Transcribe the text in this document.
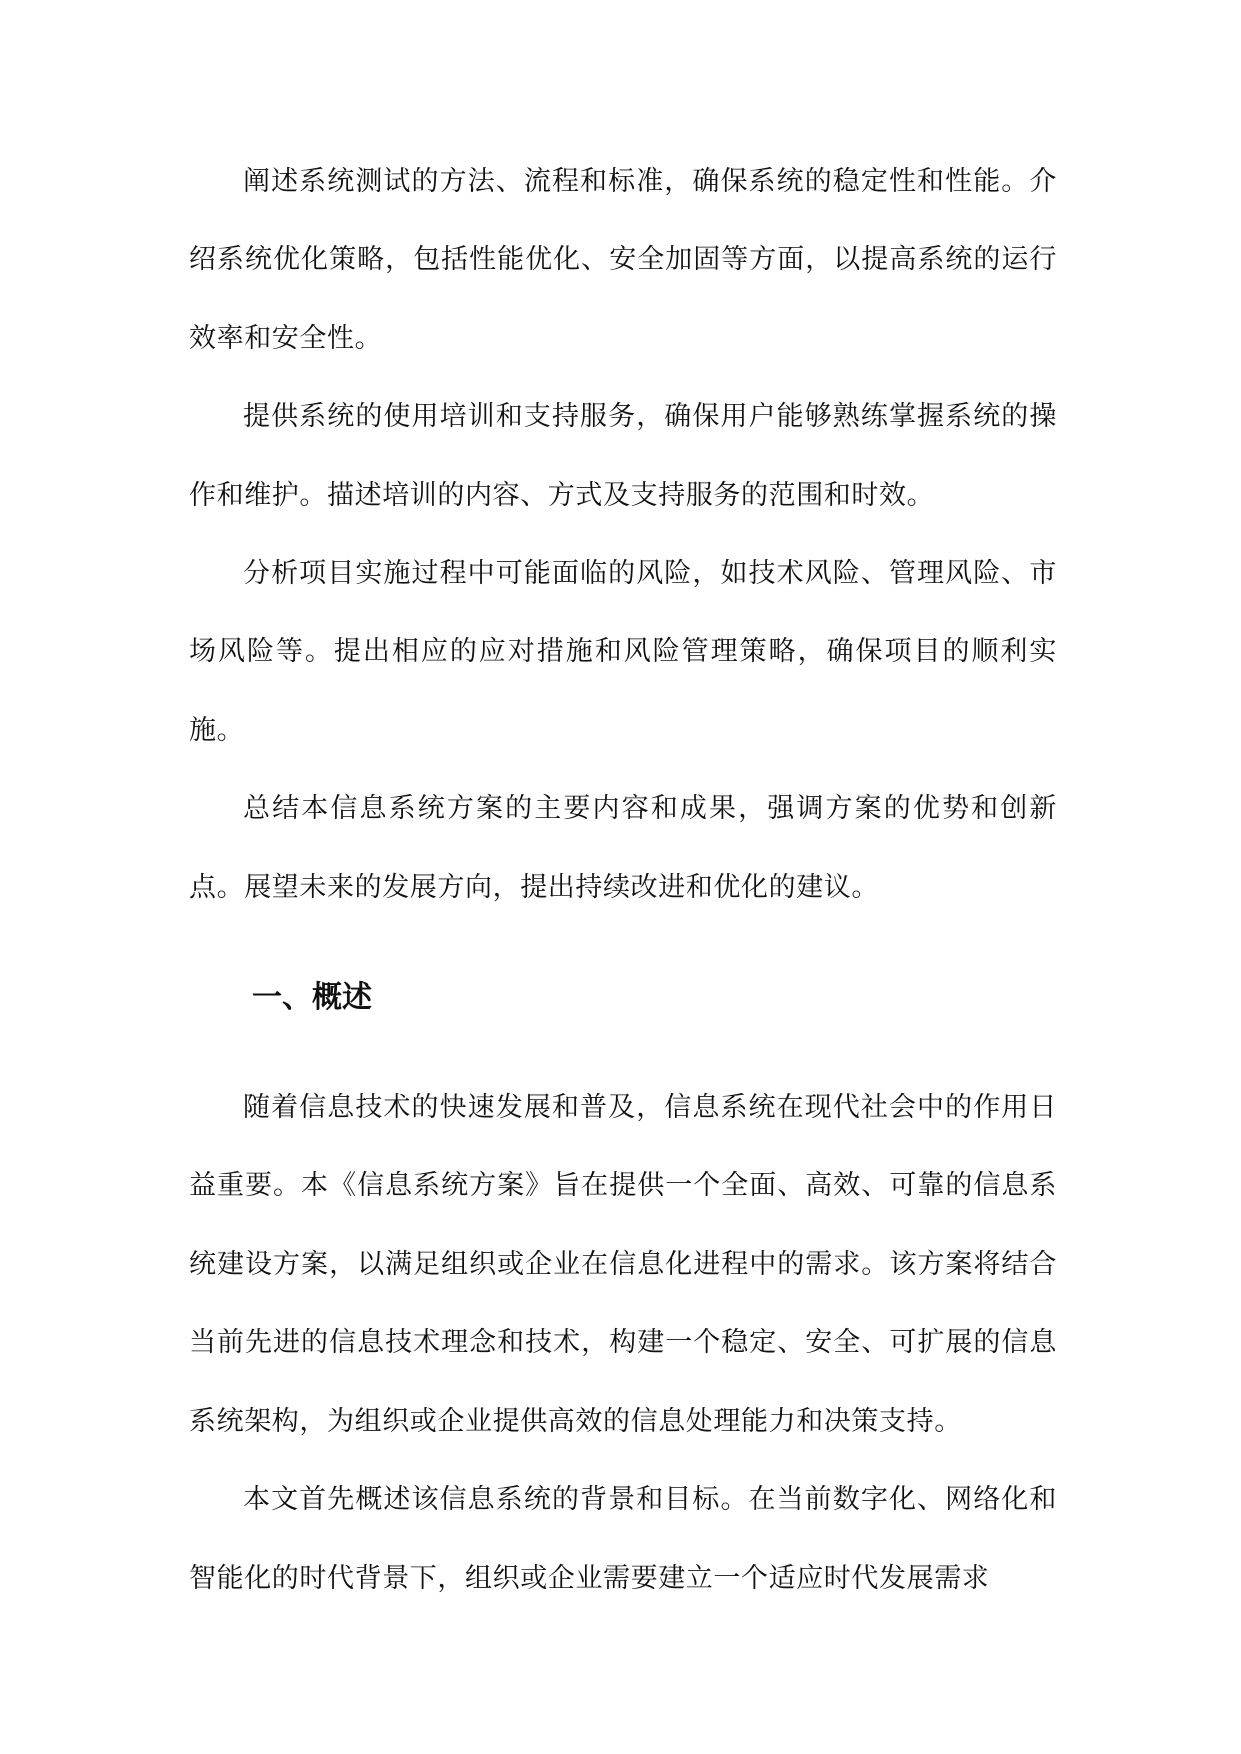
阐述系统测试的方法、流程和标准，确保系统的稳定性和性能。介绍系统优化策略，包括性能优化、安全加固等方面，以提高系统的运行效率和安全性。

提供系统的使用培训和支持服务，确保用户能够熟练掌握系统的操作和维护。描述培训的内容、方式及支持服务的范围和时效。

分析项目实施过程中可能面临的风险，如技术风险、管理风险、市场风险等。提出相应的应对措施和风险管理策略，确保项目的顺利实施。

总结本信息系统方案的主要内容和成果，强调方案的优势和创新点。展望未来的发展方向，提出持续改进和优化的建议。

一、概述

随着信息技术的快速发展和普及，信息系统在现代社会中的作用日益重要。本《信息系统方案》旨在提供一个全面、高效、可靠的信息系统建设方案，以满足组织或企业在信息化进程中的需求。该方案将结合当前先进的信息技术理念和技术，构建一个稳定、安全、可扩展的信息系统架构，为组织或企业提供高效的信息处理能力和决策支持。

本文首先概述该信息系统的背景和目标。在当前数字化、网络化和智能化的时代背景下，组织或企业需要建立一个适应时代发展需求
